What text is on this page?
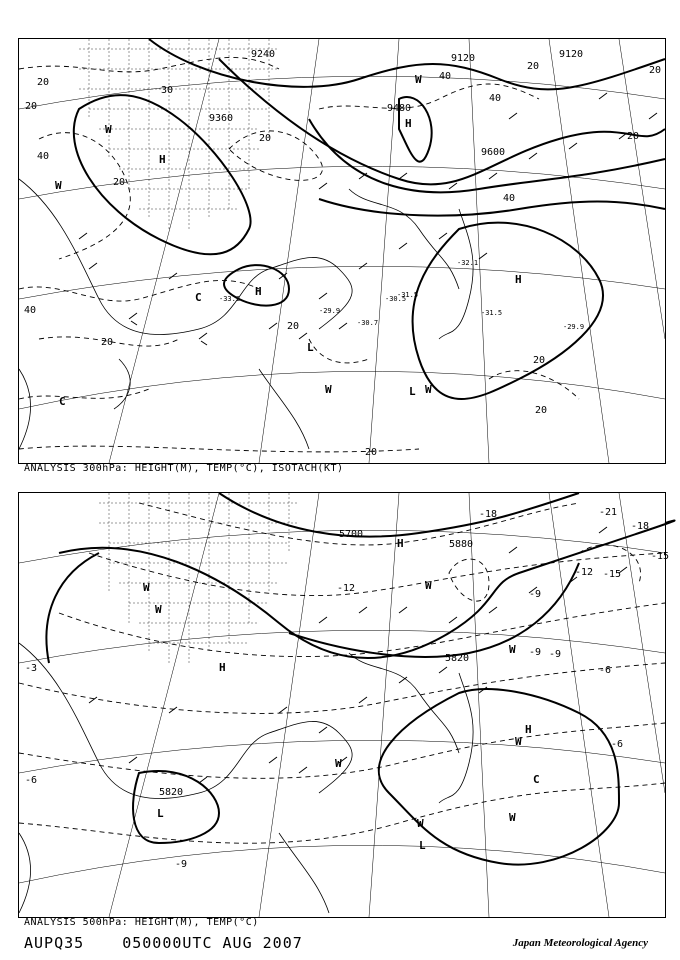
9240	9120	9120
9360
9480
9600
20
20
30
40
20
40
20
20
40
20
20
40
20
20
20
20
40
20
H
H
H
H
W
W
W	W
W
C
C
L
L
-31.5
-30.7
-30.5
-29.9
-32.1
-31.5
-33.2
-29.9
ANALYSIS 300hPa: HEIGHT(M), TEMP(°C), ISOTACH(KT)
5700
5880
5820
5820
-18	-21
-18
-15
-12 -15
-9
-9
-6
-3
-6
-12
-9
-9
-6
H
H
H
W
W
W
W
W	W
W
W
C
L
L
ANALYSIS 500hPa: HEIGHT(M), TEMP(°C)
AUPQ35	050000UTC AUG 2007	Japan Meteorological Agency
